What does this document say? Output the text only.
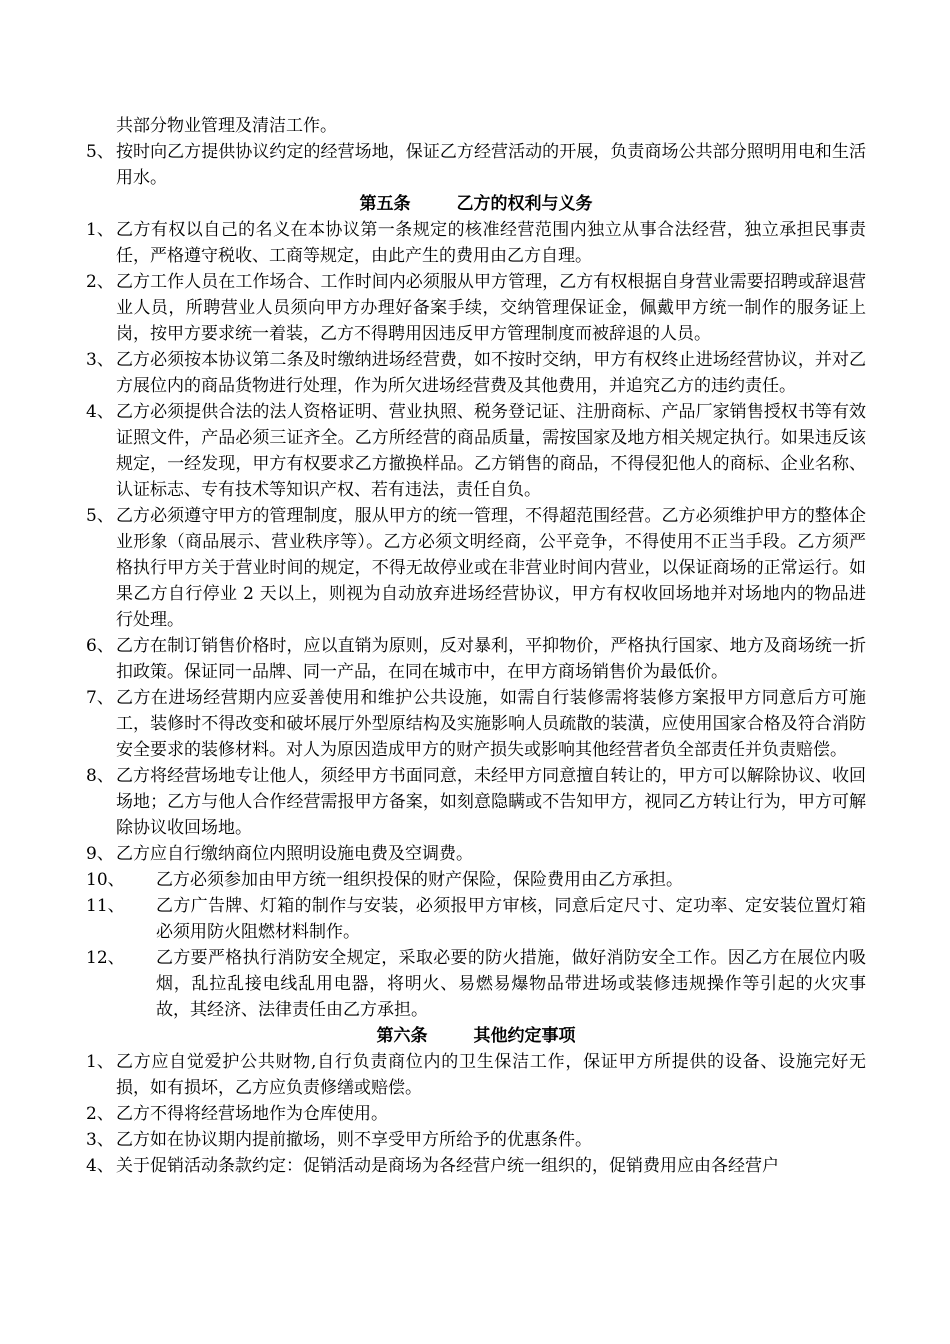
共部分物业管理及清洁工作。
5、 按时向乙方提供协议约定的经营场地，保证乙方经营活动的开展，负责商场公共部分照明用电和生活用水。
第五条	乙方的权利与义务
1、 乙方有权以自己的名义在本协议第一条规定的核准经营范围内独立从事合法经营，独立承担民事责任，严格遵守税收、工商等规定，由此产生的费用由乙方自理。
2、 乙方工作人员在工作场合、工作时间内必须服从甲方管理，乙方有权根据自身营业需要招聘或辞退营业人员，所聘营业人员须向甲方办理好备案手续，交纳管理保证金，佩戴甲方统一制作的服务证上岗，按甲方要求统一着装，乙方不得聘用因违反甲方管理制度而被辞退的人员。
3、 乙方必须按本协议第二条及时缴纳进场经营费，如不按时交纳，甲方有权终止进场经营协议，并对乙方展位内的商品货物进行处理，作为所欠进场经营费及其他费用，并追究乙方的违约责任。
4、 乙方必须提供合法的法人资格证明、营业执照、税务登记证、注册商标、产品厂家销售授权书等有效证照文件，产品必须三证齐全。乙方所经营的商品质量，需按国家及地方相关规定执行。如果违反该规定，一经发现，甲方有权要求乙方撤换样品。乙方销售的商品，不得侵犯他人的商标、企业名称、认证标志、专有技术等知识产权、若有违法，责任自负。
5、 乙方必须遵守甲方的管理制度，服从甲方的统一管理，不得超范围经营。乙方必须维护甲方的整体企业形象（商品展示、营业秩序等）。乙方必须文明经商，公平竞争，不得使用不正当手段。乙方须严格执行甲方关于营业时间的规定，不得无故停业或在非营业时间内营业，以保证商场的正常运行。如果乙方自行停业 2 天以上，则视为自动放弃进场经营协议，甲方有权收回场地并对场地内的物品进行处理。
6、 乙方在制订销售价格时，应以直销为原则，反对暴利，平抑物价，严格执行国家、地方及商场统一折扣政策。保证同一品牌、同一产品，在同在城市中，在甲方商场销售价为最低价。
7、 乙方在进场经营期内应妥善使用和维护公共设施，如需自行装修需将装修方案报甲方同意后方可施工，装修时不得改变和破坏展厅外型原结构及实施影响人员疏散的装潢，应使用国家合格及符合消防安全要求的装修材料。对人为原因造成甲方的财产损失或影响其他经营者负全部责任并负责赔偿。
8、 乙方将经营场地专让他人，须经甲方书面同意，未经甲方同意擅自转让的，甲方可以解除协议、收回场地；乙方与他人合作经营需报甲方备案，如刻意隐瞒或不告知甲方，视同乙方转让行为，甲方可解除协议收回场地。
9、 乙方应自行缴纳商位内照明设施电费及空调费。
10、	乙方必须参加由甲方统一组织投保的财产保险，保险费用由乙方承担。
11、	乙方广告牌、灯箱的制作与安装，必须报甲方审核，同意后定尺寸、定功率、定安装位置灯箱必须用防火阻燃材料制作。
12、	乙方要严格执行消防安全规定，采取必要的防火措施，做好消防安全工作。因乙方在展位内吸烟，乱拉乱接电线乱用电器，将明火、易燃易爆物品带进场或装修违规操作等引起的火灾事故，其经济、法律责任由乙方承担。
第六条	其他约定事项
1、 乙方应自觉爱护公共财物,自行负责商位内的卫生保洁工作，保证甲方所提供的设备、设施完好无损，如有损坏，乙方应负责修缮或赔偿。
2、 乙方不得将经营场地作为仓库使用。
3、 乙方如在协议期内提前撤场，则不享受甲方所给予的优惠条件。
4、 关于促销活动条款约定：促销活动是商场为各经营户统一组织的，促销费用应由各经营户
